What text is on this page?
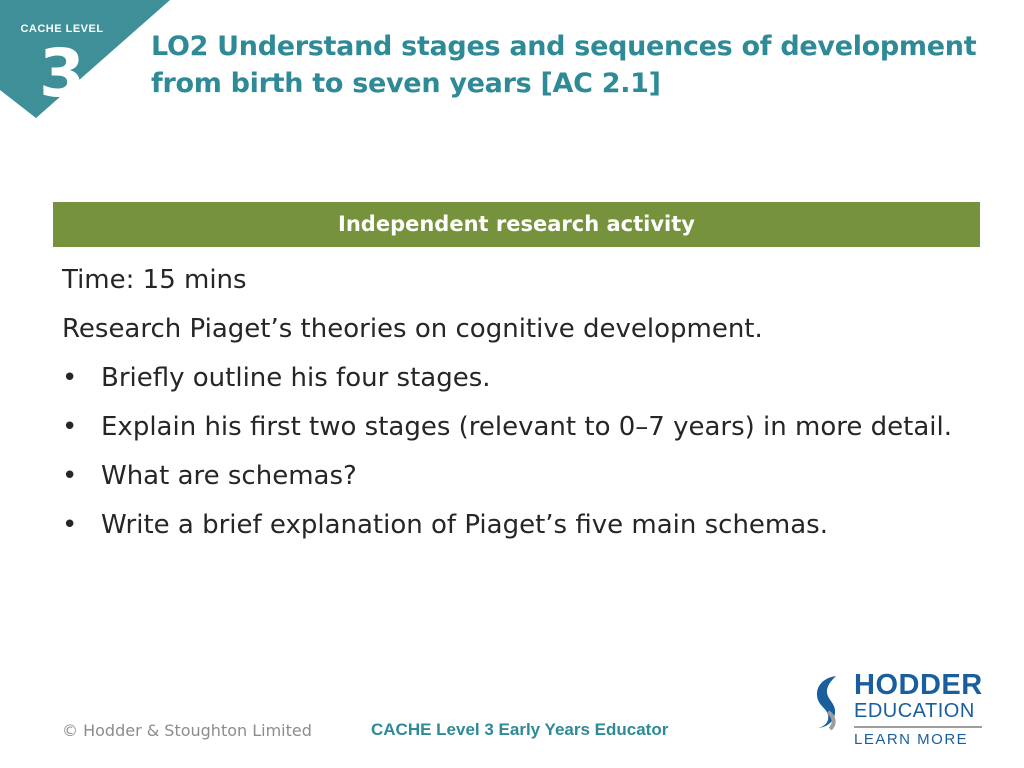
CACHE LEVEL
3 LO2 Understand stages and sequences of development from birth to seven years [AC 2.1]
Independent research activity
Time: 15 mins
Research Piaget’s theories on cognitive development.
• Briefly outline his four stages.
• Explain his first two stages (relevant to 0–7 years) in more detail.
• What are schemas?
• Write a brief explanation of Piaget’s five main schemas.
© Hodder & Stoughton Limited	CACHE Level 3 Early Years Educator
HODDER
EDUCATION
LEARN MORE
